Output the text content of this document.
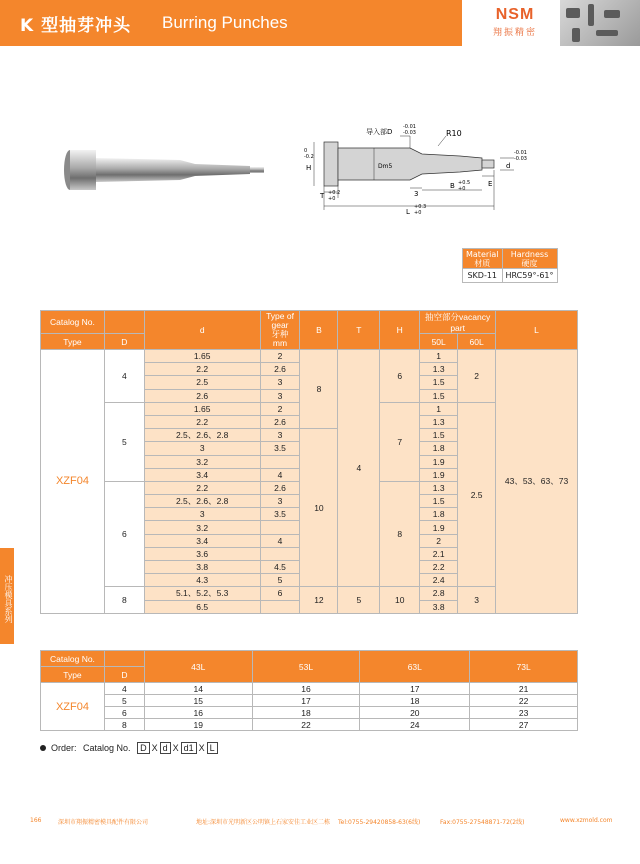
K 型抽芽冲头 Burring Punches	NSM
翔振精密
导入部D
-0.01
-0.03	R10
H
-0.2
0
Dm5	d
-0.01
-0.03
T +0.2
+0
3
B +0.5
+0
E
L
+0.3
+0
Material
材质	Hardness
硬度
SKD-11	HRC59°-61°
Catalog No.		d	Type of gear
牙种
mm	B	T	H	抽空部分vacancy part		L
Type	D						50L	60L	
XZF04	4	1.65	2	8	4	6	1	2	43、53、63、73
		2.2	2.6				1.3		
		2.5	3				1.5		
		2.6	3				1.5		
	5	1.65	2			7	1	2.5	
		2.2	2.6				1.3		
		2.5、2.6、2.8	3	10			1.5		
		3	3.5				1.8		
		3.2					1.9		
		3.4	4				1.9		
	6	2.2	2.6			8	1.3		
		2.5、2.6、2.8	3				1.5		
		3	3.5				1.8		
		3.2					1.9		
		3.4	4				2		
		3.6					2.1		
		3.8	4.5				2.2		
		4.3	5				2.4		
	8	5.1、5.2、5.3	6	12	5	10	2.8	3	
		6.5					3.8		
冲压模具系列
Catalog No.		43L	53L	63L	73L
Type	D				
XZF04	4	14	16	17	21
	5	15	17	18	22
	6	16	18	20	23
	8	19	22	24	27
Order:
Catalog No.
	D X d X d1 X L
166	深圳市翔振精密模具配件有限公司	地址:深圳市光明新区公明镇上石家安佳工业区二栋 Tel:0755-29420858-63(6线)	Fax:0755-27548871-72(2线)	www.xzmold.com
